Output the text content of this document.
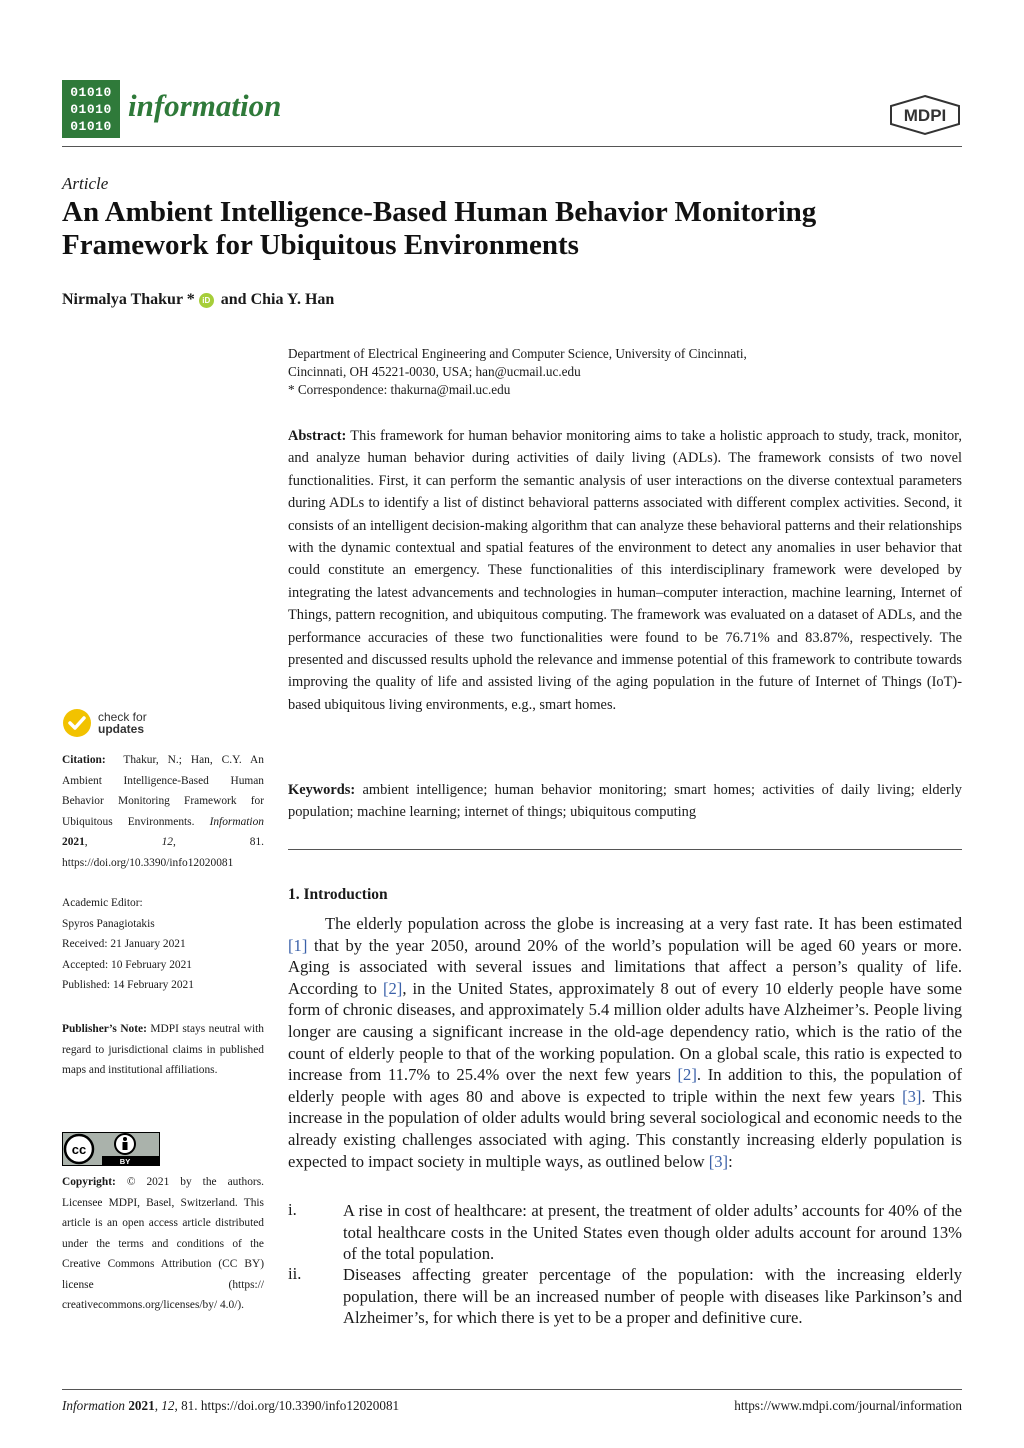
01010
01010
01010
information	MDPI
Article
An Ambient Intelligence-Based Human Behavior Monitoring Framework for Ubiquitous Environments
Nirmalya Thakur * iD and Chia Y. Han
Department of Electrical Engineering and Computer Science, University of Cincinnati,
Cincinnati, OH 45221-0030, USA; han@ucmail.uc.edu
* Correspondence: thakurna@mail.uc.edu

Abstract: This framework for human behavior monitoring aims to take a holistic approach to study, track, monitor, and analyze human behavior during activities of daily living (ADLs). The framework consists of two novel functionalities. First, it can perform the semantic analysis of user interactions on the diverse contextual parameters during ADLs to identify a list of distinct behavioral patterns associated with different complex activities. Second, it consists of an intelligent decision-making algorithm that can analyze these behavioral patterns and their relationships with the dynamic contextual and spatial features of the environment to detect any anomalies in user behavior that could constitute an emergency. These functionalities of this interdisciplinary framework were developed by integrating the latest advancements and technologies in human–computer interaction, machine learning, Internet of Things, pattern recognition, and ubiquitous computing. The framework was evaluated on a dataset of ADLs, and the performance accuracies of these two functionalities were found to be 76.71% and 83.87%, respectively. The presented and discussed results uphold the relevance and immense potential of this framework to contribute towards improving the quality of life and assisted living of the aging population in the future of Internet of Things (IoT)-based ubiquitous living environments, e.g., smart homes.

Keywords: ambient intelligence; human behavior monitoring; smart homes; activities of daily living; elderly population; machine learning; internet of things; ubiquitous computing

check for
updates

Citation: Thakur, N.; Han, C.Y. An Ambient Intelligence-Based Human Behavior Monitoring Framework for Ubiquitous Environments. Information 2021, 12, 81. https://doi.org/10.3390/info12020081

Academic Editor:
Spyros Panagiotakis
Received: 21 January 2021
Accepted: 10 February 2021
Published: 14 February 2021

Publisher’s Note: MDPI stays neutral with regard to jurisdictional claims in published maps and institutional affiliations.

cc
BY

Copyright: © 2021 by the authors. Licensee MDPI, Basel, Switzerland. This article is an open access article distributed under the terms and conditions of the Creative Commons Attribution (CC BY) license (https:// creativecommons.org/licenses/by/ 4.0/).

1. Introduction

The elderly population across the globe is increasing at a very fast rate. It has been estimated [1] that by the year 2050, around 20% of the world’s population will be aged 60 years or more. Aging is associated with several issues and limitations that affect a person’s quality of life. According to [2], in the United States, approximately 8 out of every 10 elderly people have some form of chronic diseases, and approximately 5.4 million older adults have Alzheimer’s. People living longer are causing a significant increase in the old-age dependency ratio, which is the ratio of the count of elderly people to that of the working population. On a global scale, this ratio is expected to increase from 11.7% to 25.4% over the next few years [2]. In addition to this, the population of elderly people with ages 80 and above is expected to triple within the next few years [3]. This increase in the population of older adults would bring several sociological and economic needs to the already existing challenges associated with aging. This constantly increasing elderly population is expected to impact society in multiple ways, as outlined below [3]:

i.	A rise in cost of healthcare: at present, the treatment of older adults’ accounts for 40% of the total healthcare costs in the United States even though older adults account for around 13% of the total population.

ii.	Diseases affecting greater percentage of the population: with the increasing elderly population, there will be an increased number of people with diseases like Parkinson’s and Alzheimer’s, for which there is yet to be a proper and definitive cure.

Information 2021, 12, 81. https://doi.org/10.3390/info12020081	https://www.mdpi.com/journal/information
